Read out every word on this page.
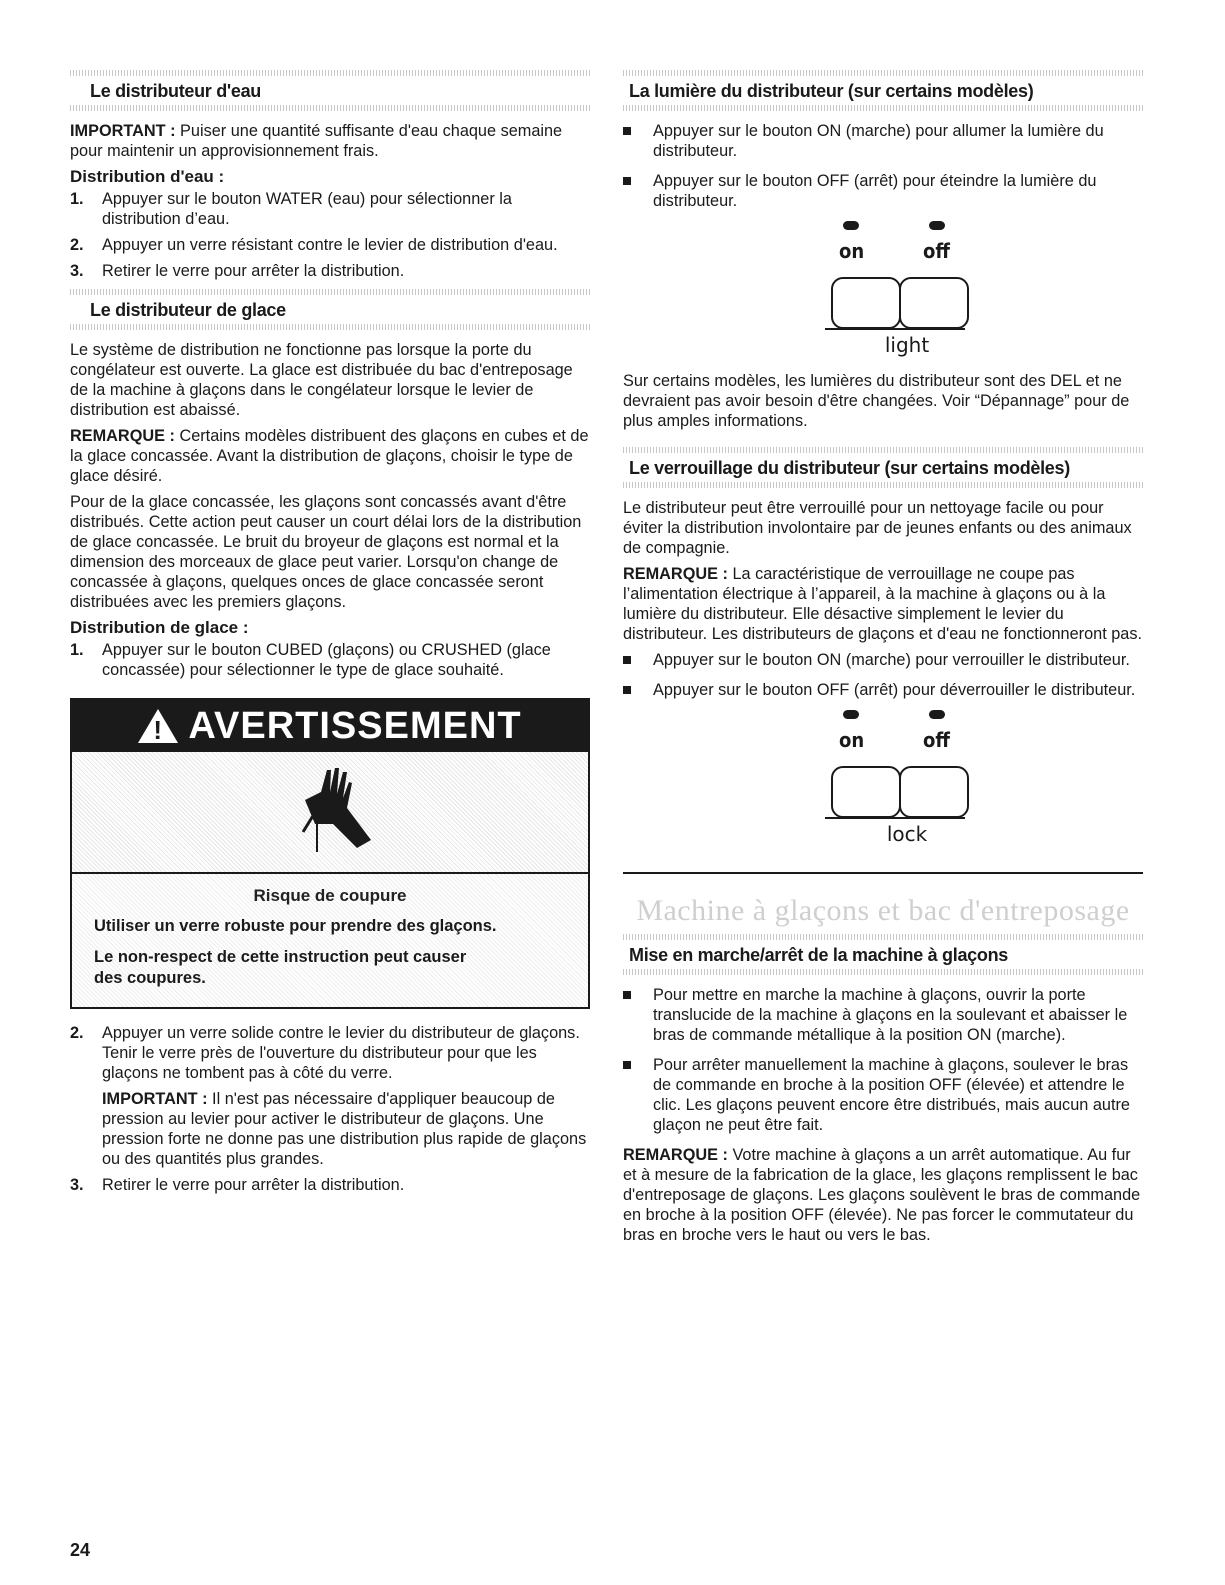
Le distributeur d'eau

IMPORTANT : Puiser une quantité suffisante d'eau chaque semaine pour maintenir un approvisionnement frais.

Distribution d'eau :
1. Appuyer sur le bouton WATER (eau) pour sélectionner la distribution d’eau.
2. Appuyer un verre résistant contre le levier de distribution d'eau.
3. Retirer le verre pour arrêter la distribution.
Le distributeur de glace

Le système de distribution ne fonctionne pas lorsque la porte du congélateur est ouverte. La glace est distribuée du bac d'entreposage de la machine à glaçons dans le congélateur lorsque le levier de distribution est abaissé.

REMARQUE : Certains modèles distribuent des glaçons en cubes et de la glace concassée. Avant la distribution de glaçons, choisir le type de glace désiré.

Pour de la glace concassée, les glaçons sont concassés avant d'être distribués. Cette action peut causer un court délai lors de la distribution de glace concassée. Le bruit du broyeur de glaçons est normal et la dimension des morceaux de glace peut varier. Lorsqu'on change de concassée à glaçons, quelques onces de glace concassée seront distribuées avec les premiers glaçons.

Distribution de glace :
1. Appuyer sur le bouton CUBED (glaçons) ou CRUSHED (glace concassée) pour sélectionner le type de glace souhaité.
!
AVERTISSEMENT
Risque de coupure

Utiliser un verre robuste pour prendre des glaçons.

Le non-respect de cette instruction peut causer des coupures.

2. Appuyer un verre solide contre le levier du distributeur de glaçons. Tenir le verre près de l'ouverture du distributeur pour que les glaçons ne tombent pas à côté du verre.

IMPORTANT : Il n'est pas nécessaire d'appliquer beaucoup de pression au levier pour activer le distributeur de glaçons. Une pression forte ne donne pas une distribution plus rapide de glaçons ou des quantités plus grandes.

3. Retirer le verre pour arrêter la distribution.
La lumière du distributeur (sur certains modèles)
Appuyer sur le bouton ON (marche) pour allumer la lumière du distributeur.
Appuyer sur le bouton OFF (arrêt) pour éteindre la lumière du distributeur.
on	off
light

Sur certains modèles, les lumières du distributeur sont des DEL et ne devraient pas avoir besoin d'être changées. Voir “Dépannage” pour de plus amples informations.

Le verrouillage du distributeur (sur certains modèles)

Le distributeur peut être verrouillé pour un nettoyage facile ou pour éviter la distribution involontaire par de jeunes enfants ou des animaux de compagnie.

REMARQUE : La caractéristique de verrouillage ne coupe pas l’alimentation électrique à l’appareil, à la machine à glaçons ou à la lumière du distributeur. Elle désactive simplement le levier du distributeur. Les distributeurs de glaçons et d'eau ne fonctionneront pas.

Appuyer sur le bouton ON (marche) pour verrouiller le distributeur.
Appuyer sur le bouton OFF (arrêt) pour déverrouiller le distributeur.
on	off
lock
Machine à glaçons et bac d'entreposage
Mise en marche/arrêt de la machine à glaçons
Pour mettre en marche la machine à glaçons, ouvrir la porte translucide de la machine à glaçons en la soulevant et abaisser le bras de commande métallique à la position ON (marche).
Pour arrêter manuellement la machine à glaçons, soulever le bras de commande en broche à la position OFF (élevée) et attendre le clic. Les glaçons peuvent encore être distribués, mais aucun autre glaçon ne peut être fait.

REMARQUE : Votre machine à glaçons a un arrêt automatique. Au fur et à mesure de la fabrication de la glace, les glaçons remplissent le bac d'entreposage de glaçons. Les glaçons soulèvent le bras de commande en broche à la position OFF (élevée). Ne pas forcer le commutateur du bras en broche vers le haut ou vers le bas.

24
